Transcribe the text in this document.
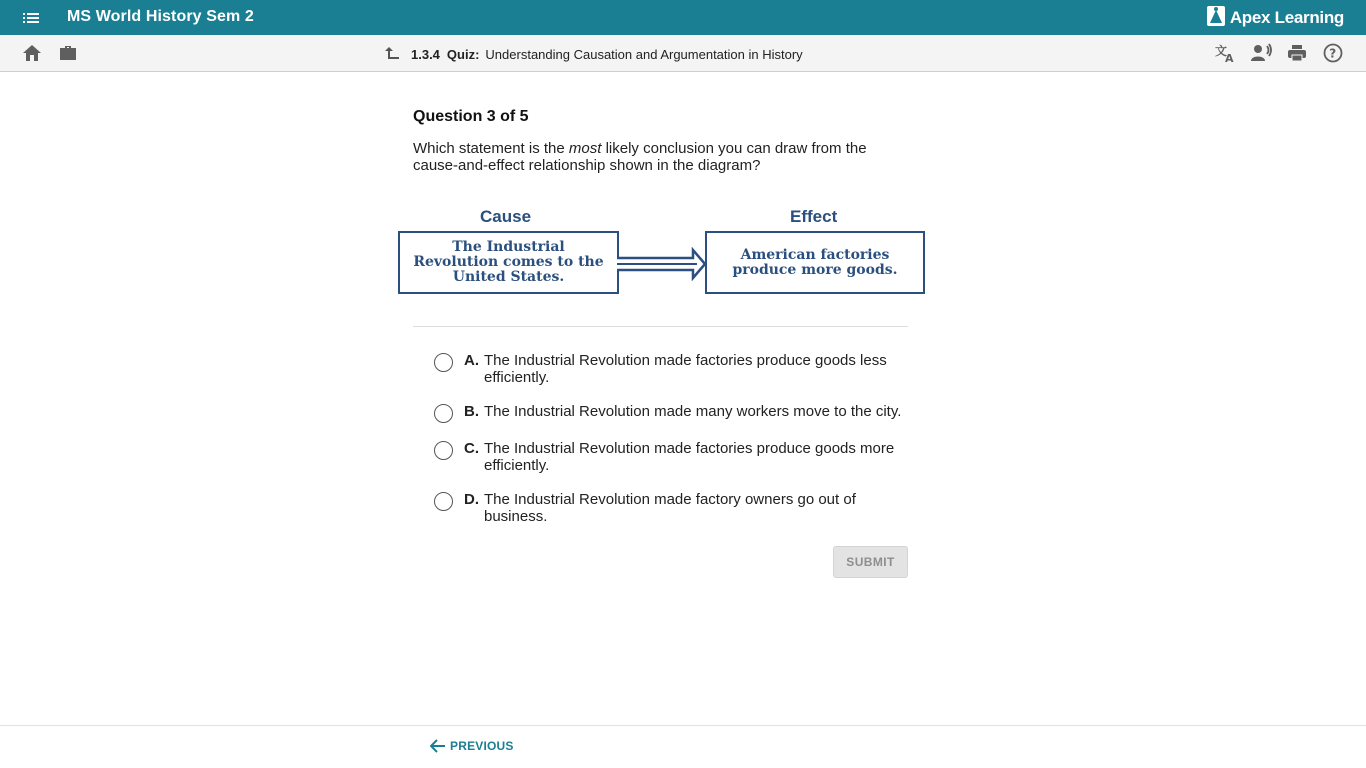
MS World History Sem 2	Apex Learning
1.3.4 Quiz: Understanding Causation and Argumentation in History	文
A	?
Question 3 of 5
Which statement is the most likely conclusion you can draw from the cause-and-effect relationship shown in the diagram?
Cause	Effect
The Industrial Revolution comes to the United States.
American factories produce more goods.
A. The Industrial Revolution made factories produce goods less efficiently.
B. The Industrial Revolution made many workers move to the city.
C. The Industrial Revolution made factories produce goods more efficiently.
D. The Industrial Revolution made factory owners go out of business.
SUBMIT
PREVIOUS
